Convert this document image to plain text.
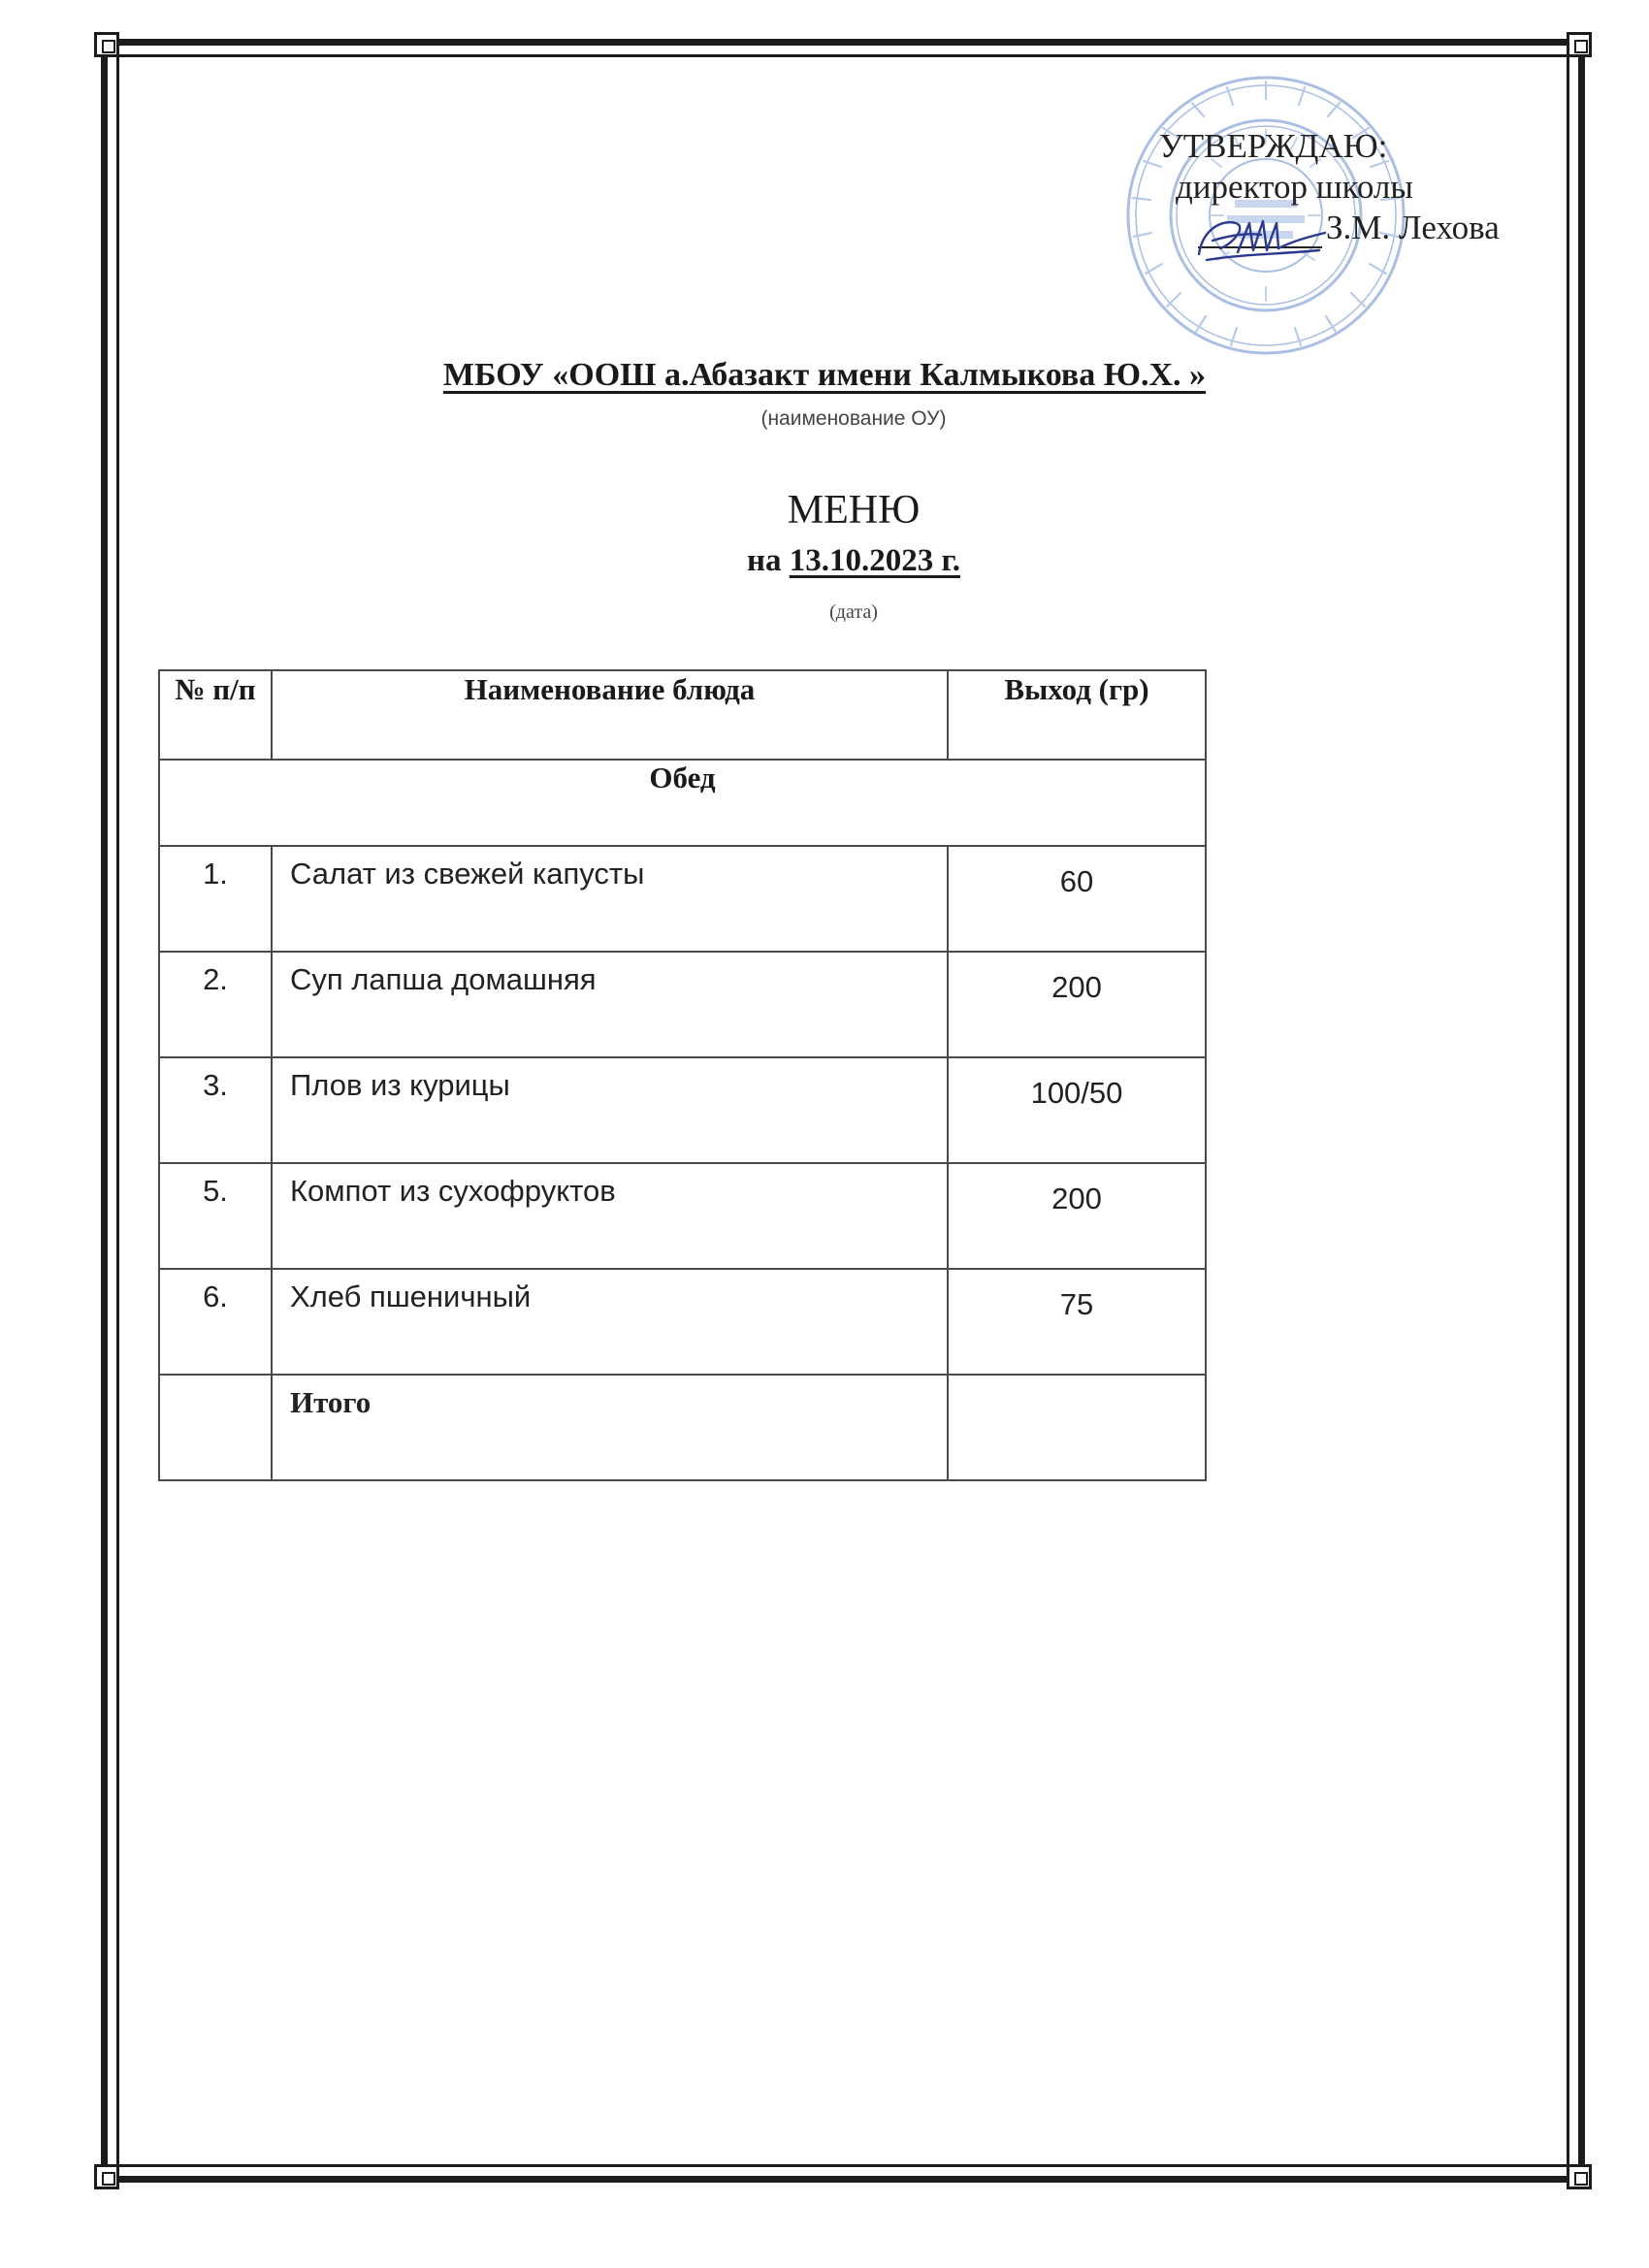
УТВЕРЖДАЮ:
директор школы
З.М. Лехова
МБОУ «ООШ а.Абазакт имени Калмыкова Ю.Х. »
(наименование ОУ)
МЕНЮ
на 13.10.2023 г.
(дата)
№ п/п	Наименование блюда	Выход (гр)
Обед		
1.	Салат из свежей капусты	60
2.	Суп лапша домашняя	200
3.	Плов из курицы	100/50
5.	Компот из сухофруктов	200
6.	Хлеб пшеничный	75
	Итого	
